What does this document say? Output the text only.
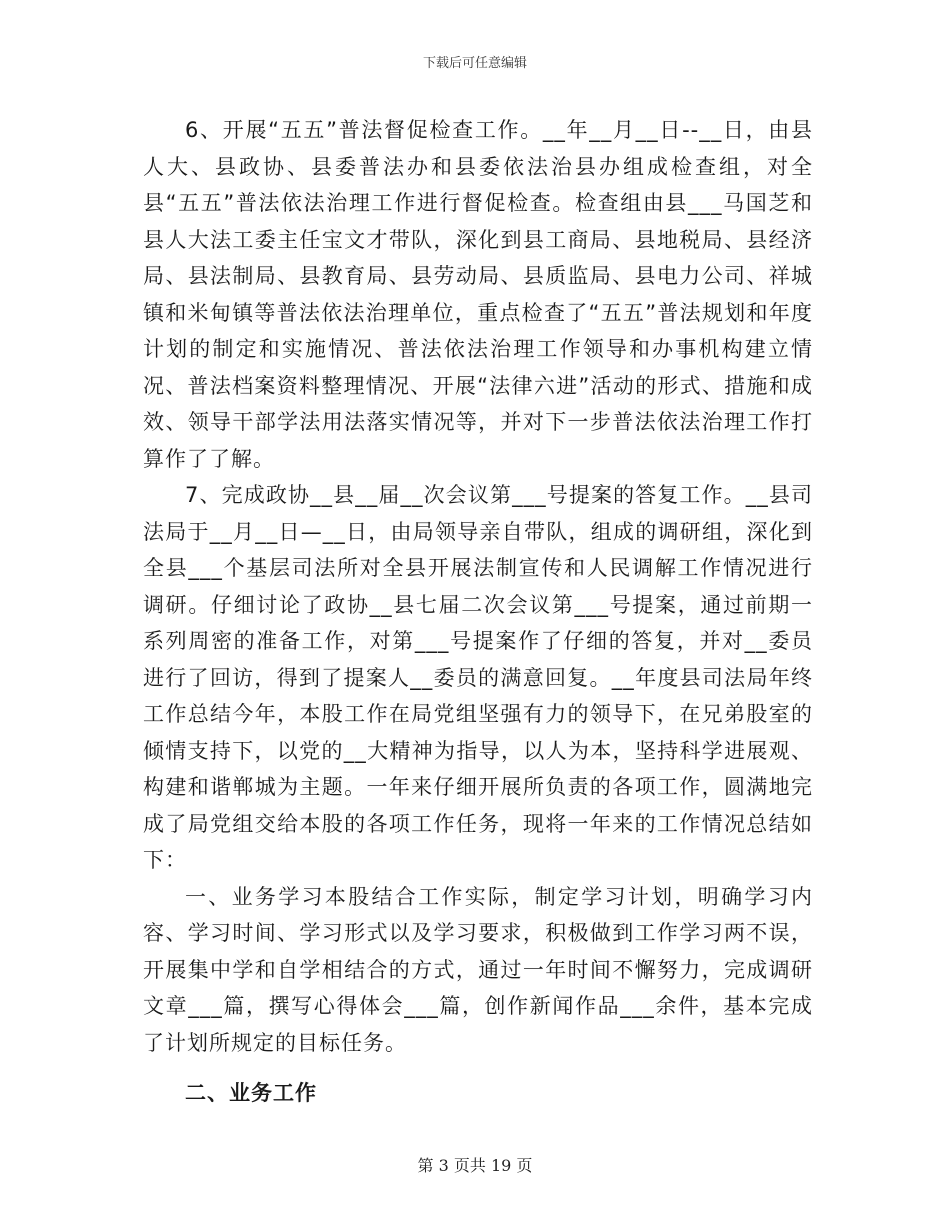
下载后可任意编辑

6、开展“五五”普法督促检查工作。__年__月__日--__日，由县人大、县政协、县委普法办和县委依法治县办组成检查组，对全县“五五”普法依法治理工作进行督促检查。检查组由县___马国芝和县人大法工委主任宝文才带队，深化到县工商局、县地税局、县经济局、县法制局、县教育局、县劳动局、县质监局、县电力公司、祥城镇和米甸镇等普法依法治理单位，重点检查了“五五”普法规划和年度计划的制定和实施情况、普法依法治理工作领导和办事机构建立情况、普法档案资料整理情况、开展“法律六进”活动的形式、措施和成效、领导干部学法用法落实情况等，并对下一步普法依法治理工作打算作了了解。

7、完成政协__县__届__次会议第___号提案的答复工作。__县司法局于__月__日—__日，由局领导亲自带队，组成的调研组，深化到全县___个基层司法所对全县开展法制宣传和人民调解工作情况进行调研。仔细讨论了政协__县七届二次会议第___号提案，通过前期一系列周密的准备工作，对第___号提案作了仔细的答复，并对__委员进行了回访，得到了提案人__委员的满意回复。__年度县司法局年终工作总结今年，本股工作在局党组坚强有力的领导下，在兄弟股室的倾情支持下，以党的__大精神为指导，以人为本，坚持科学进展观、构建和谐郸城为主题。一年来仔细开展所负责的各项工作，圆满地完成了局党组交给本股的各项工作任务，现将一年来的工作情况总结如下：

一、业务学习本股结合工作实际，制定学习计划，明确学习内容、学习时间、学习形式以及学习要求，积极做到工作学习两不误，开展集中学和自学相结合的方式，通过一年时间不懈努力，完成调研文章___篇，撰写心得体会___篇，创作新闻作品___余件，基本完成了计划所规定的目标任务。

二、业务工作

第 3 页共 19 页
